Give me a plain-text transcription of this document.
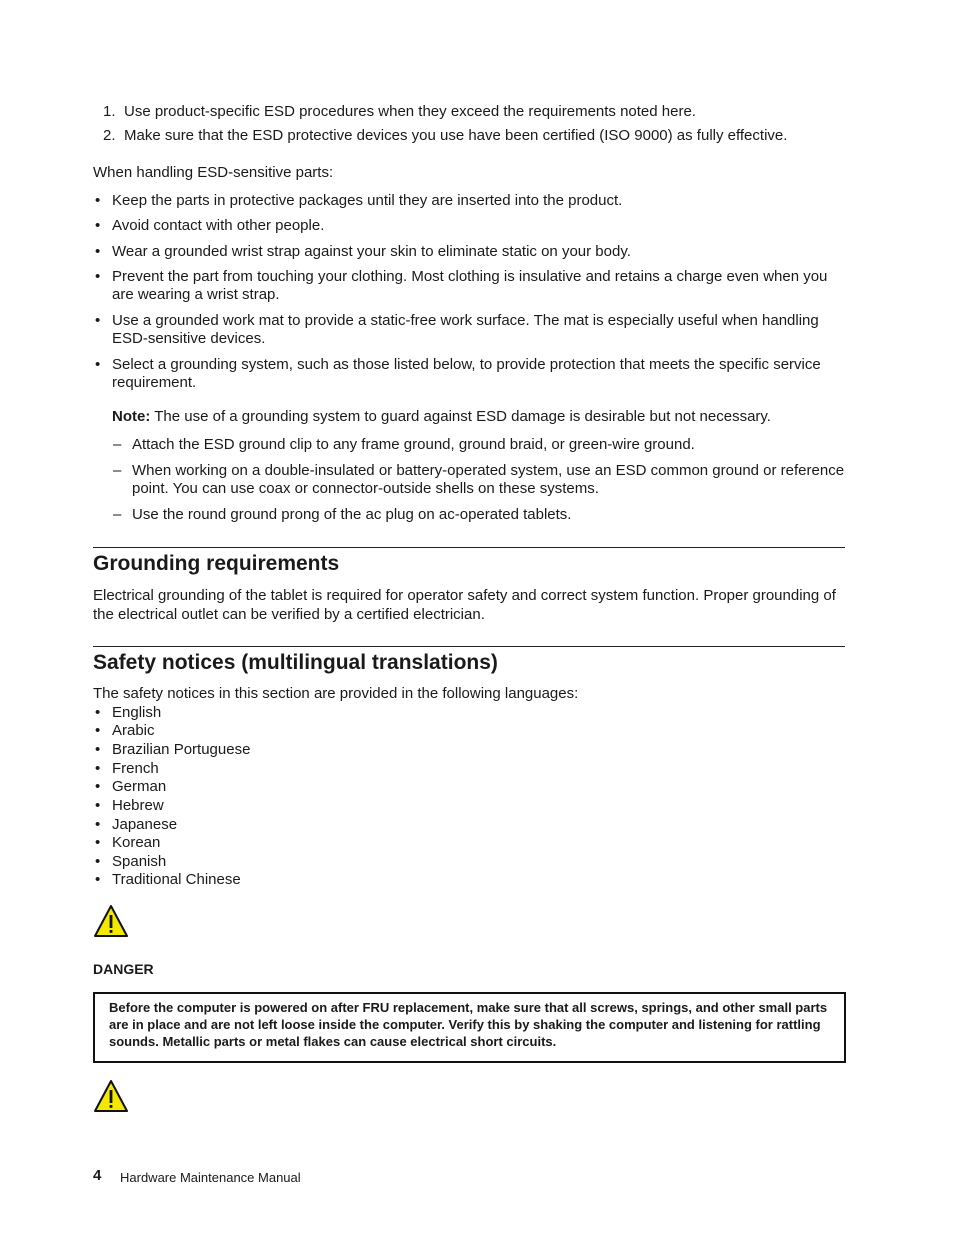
1. Use product-specific ESD procedures when they exceed the requirements noted here.
2. Make sure that the ESD protective devices you use have been certified (ISO 9000) as fully effective.
When handling ESD-sensitive parts:
• Keep the parts in protective packages until they are inserted into the product.
• Avoid contact with other people.
• Wear a grounded wrist strap against your skin to eliminate static on your body.
• Prevent the part from touching your clothing. Most clothing is insulative and retains a charge even when you are wearing a wrist strap.
• Use a grounded work mat to provide a static-free work surface. The mat is especially useful when handling ESD-sensitive devices.
• Select a grounding system, such as those listed below, to provide protection that meets the specific service requirement.
Note: The use of a grounding system to guard against ESD damage is desirable but not necessary.
– Attach the ESD ground clip to any frame ground, ground braid, or green-wire ground.
– When working on a double-insulated or battery-operated system, use an ESD common ground or reference point. You can use coax or connector-outside shells on these systems.
– Use the round ground prong of the ac plug on ac-operated tablets.
Grounding requirements
Electrical grounding of the tablet is required for operator safety and correct system function. Proper grounding of the electrical outlet can be verified by a certified electrician.
Safety notices (multilingual translations)
The safety notices in this section are provided in the following languages:
• English
• Arabic
• Brazilian Portuguese
• French
• German
• Hebrew
• Japanese
• Korean
• Spanish
• Traditional Chinese
DANGER
Before the computer is powered on after FRU replacement, make sure that all screws, springs, and other small parts are in place and are not left loose inside the computer. Verify this by shaking the computer and listening for rattling sounds. Metallic parts or metal flakes can cause electrical short circuits.
4 Hardware Maintenance Manual
